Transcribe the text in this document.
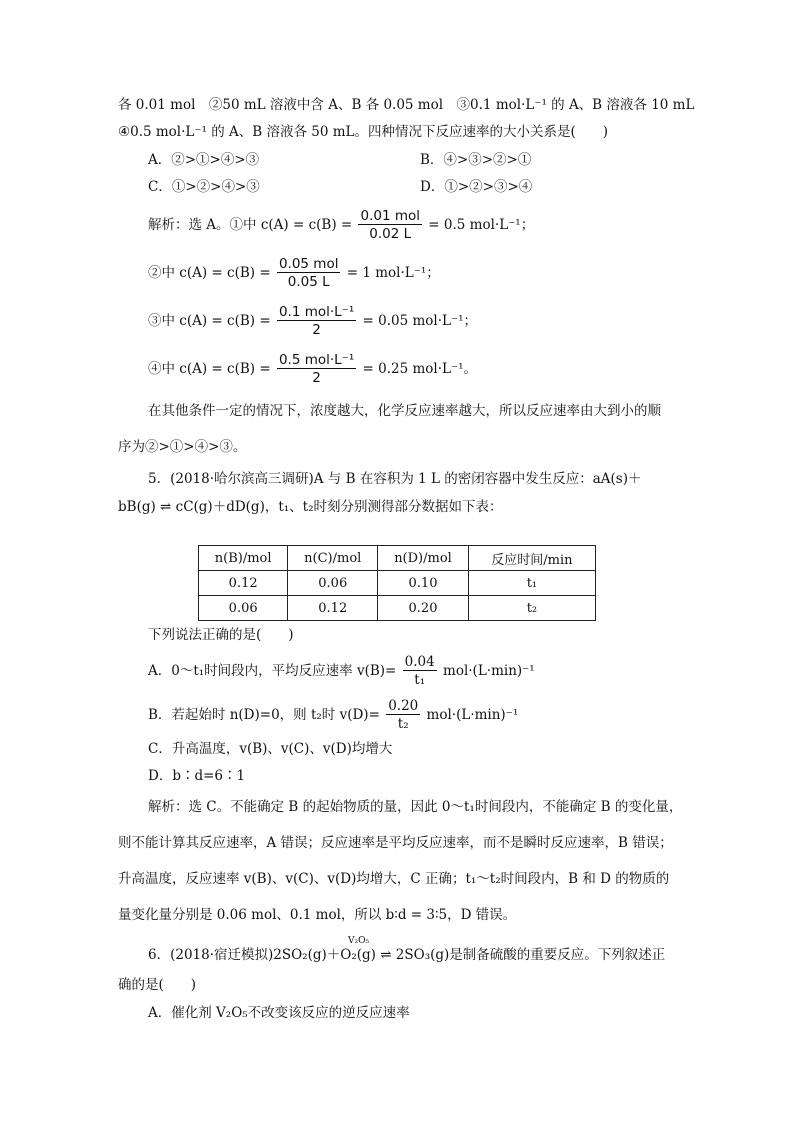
各 0.01 mol　②50 mL 溶液中含 A、B 各 0.05 mol　③0.1 mol·L⁻¹ 的 A、B 溶液各 10 mL
④0.5 mol·L⁻¹ 的 A、B 溶液各 50 mL。四种情况下反应速率的大小关系是(　　)
A．②>①>④>③	B．④>③>②>①
C．①>②>④>③	D．①>②>③>④
解析：选 A。①中 $c(A) = c(B) = \frac{\text{0.01 mol}}{0.02 L} = 0.5$ mol·L⁻¹；
②中 $c(A) = c(B) = \frac{\text{0.05 mol}}{0.05 L} = 1$ mol·L⁻¹；
③中 $c(A) = c(B) = \frac{\text{0.1 mol·L⁻¹}}{2} = 0.05$ mol·L⁻¹；
④中 $c(A) = c(B) = \frac{\text{0.5 mol·L⁻¹}}{2} = 0.25$ mol·L⁻¹。
在其他条件一定的情况下，浓度越大，化学反应速率越大，所以反应速率由大到小的顺
序为②>①>④>③。
5．(2018·哈尔滨高三调研)A 与 B 在容积为 1 L 的密闭容器中发生反应：aA(s)＋
bB(g) ⇌ cC(g)＋dD(g)，t₁、t₂时刻分别测得部分数据如下表：
n(B)/mol	n(C)/mol	n(D)/mol	反应时间/min
0.12	0.06	0.10	t₁
0.06	0.12	0.20	t₂
下列说法正确的是(　　)
A．0～t₁时间段内，平均反应速率 $v(B)= \frac{0.04}{\text{t₁}} mol\cdot(L\cdot\min)^{-1}$
B．若起始时 n(D)=0，则 t₂时 $v(D)= \frac{0.20}{\text{t₂}} mol\cdot(L\cdot\min)^{-1}$
C．升高温度，v(B)、v(C)、v(D)均增大
D．b∶d=6∶1
解析：选 C。不能确定 B 的起始物质的量，因此 0～t₁时间段内，不能确定 B 的变化量，
则不能计算其反应速率，A 错误；反应速率是平均反应速率，而不是瞬时反应速率，B 错误；
升高温度，反应速率 v(B)、v(C)、v(D)均增大，C 正确；t₁～t₂时间段内，B 和 D 的物质的
量变化量分别是 0.06 mol、0.1 mol，所以 b∶d = 3∶5，D 错误。
V₂O₅
6．(2018·宿迁模拟)2SO₂(g)＋O₂(g) ⇌ 2SO₃(g)是制备硫酸的重要反应。下列叙述正
确的是(　　)
A．催化剂 V₂O₅不改变该反应的逆反应速率
